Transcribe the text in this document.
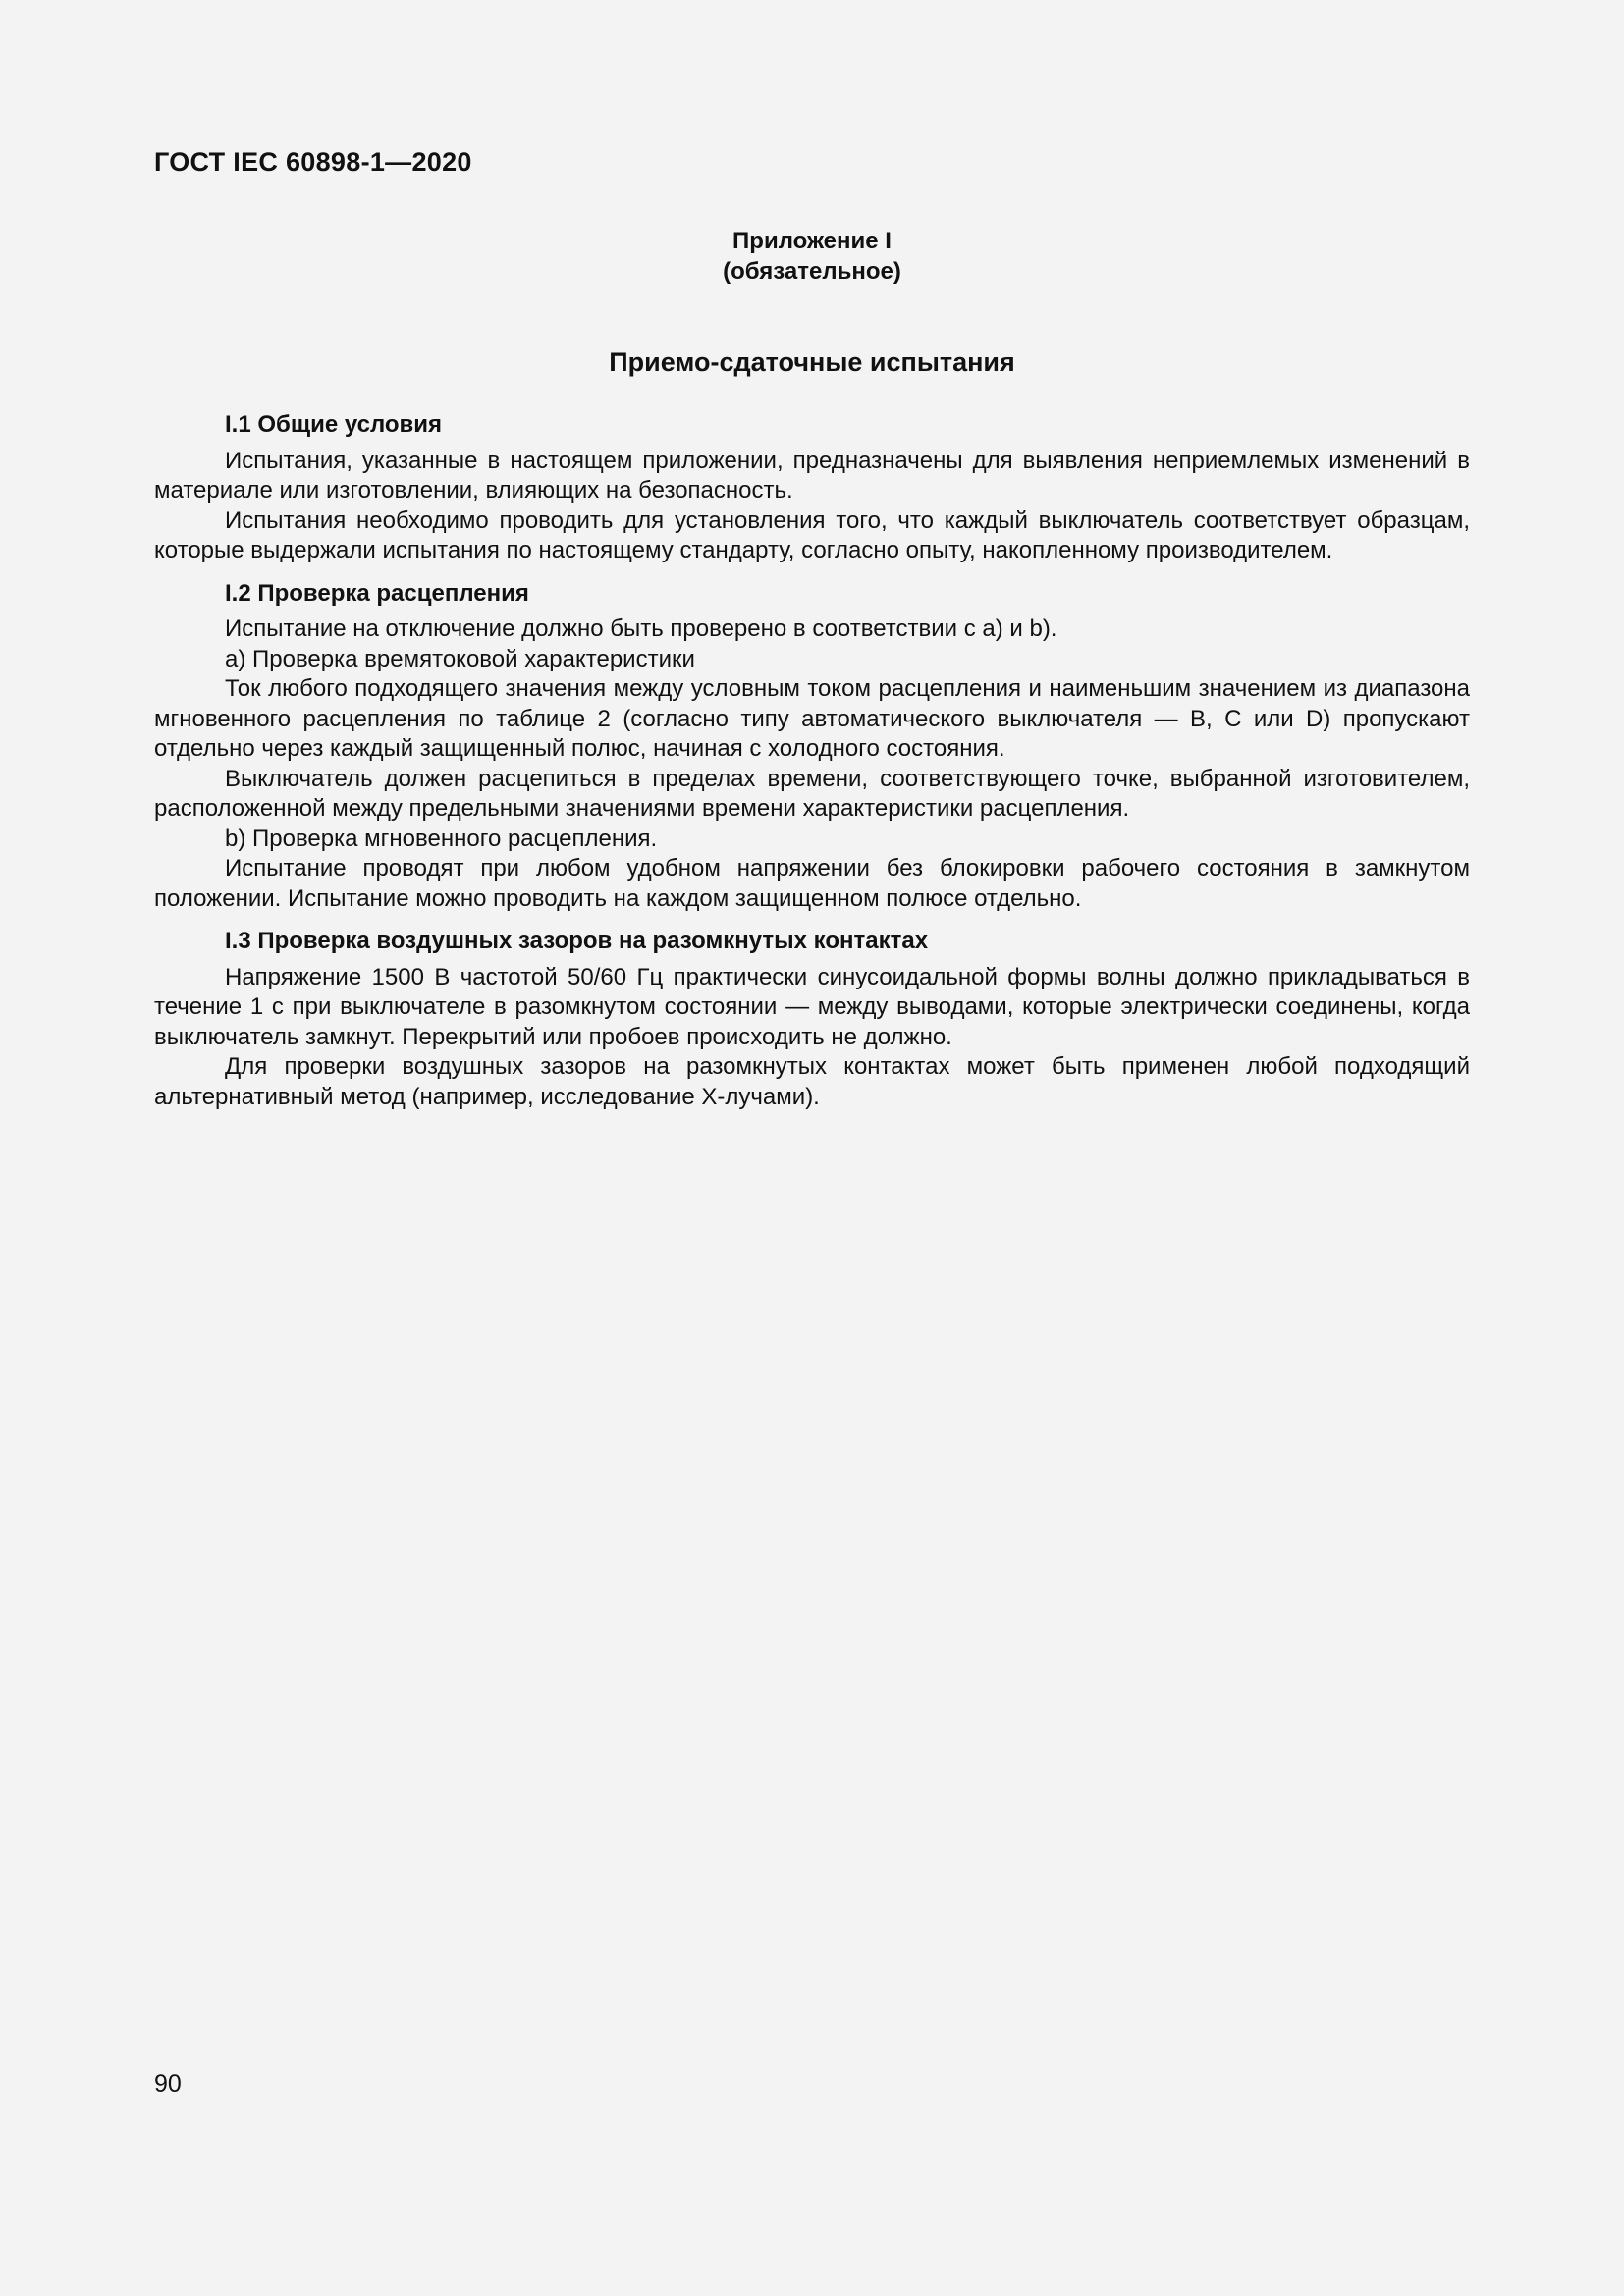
ГОСТ IEC 60898-1—2020
Приложение I
(обязательное)
Приемо-сдаточные испытания
I.1 Общие условия

Испытания, указанные в настоящем приложении, предназначены для выявления неприемлемых изменений в материале или изготовлении, влияющих на безопасность.

Испытания необходимо проводить для установления того, что каждый выключатель соответствует образцам, которые выдержали испытания по настоящему стандарту, согласно опыту, накопленному производителем.

I.2 Проверка расцепления

Испытание на отключение должно быть проверено в соответствии с a) и b).

a) Проверка времятоковой характеристики

Ток любого подходящего значения между условным током расцепления и наименьшим значением из диапазона мгновенного расцепления по таблице 2 (согласно типу автоматического выключателя — B, C или D) пропускают отдельно через каждый защищенный полюс, начиная с холодного состояния.

Выключатель должен расцепиться в пределах времени, соответствующего точке, выбранной изготовителем, расположенной между предельными значениями времени характеристики расцепления.

b) Проверка мгновенного расцепления.

Испытание проводят при любом удобном напряжении без блокировки рабочего состояния в замкнутом положении. Испытание можно проводить на каждом защищенном полюсе отдельно.

I.3 Проверка воздушных зазоров на разомкнутых контактах

Напряжение 1500 В частотой 50/60 Гц практически синусоидальной формы волны должно прикладываться в течение 1 с при выключателе в разомкнутом состоянии — между выводами, которые электрически соединены, когда выключатель замкнут. Перекрытий или пробоев происходить не должно.

Для проверки воздушных зазоров на разомкнутых контактах может быть применен любой подходящий альтернативный метод (например, исследование X-лучами).

90
